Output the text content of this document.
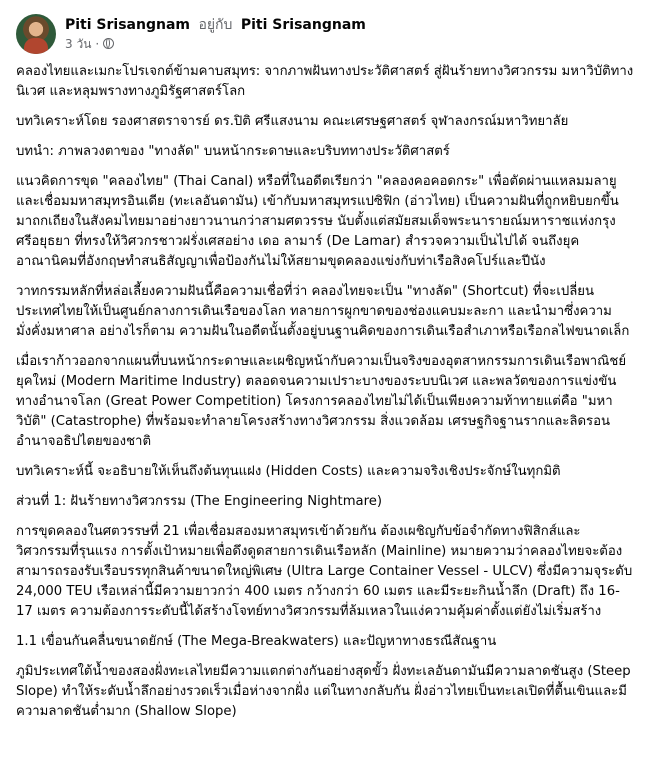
Piti Srisangnam อยู่กับ Piti Srisangnam
3 วัน ·

คลองไทยและเมกะโปรเจกต์ข้ามคาบสมุทร: จากภาพฝันทางประวัติศาสตร์ สู่ฝันร้ายทางวิศวกรรม มหาวิบัติทางนิเวศ และหลุมพรางทางภูมิรัฐศาสตร์โลก

บทวิเคราะห์โดย รองศาสตราจารย์ ดร.ปิติ ศรีแสงนาม คณะเศรษฐศาสตร์ จุฬาลงกรณ์มหาวิทยาลัย

บทนำ: ภาพลวงตาของ "ทางลัด" บนหน้ากระดาษและบริบททางประวัติศาสตร์

แนวคิดการขุด "คลองไทย" (Thai Canal) หรือที่ในอดีตเรียกว่า "คลองคอคอดกระ" เพื่อตัดผ่านแหลมมลายูและเชื่อมมหาสมุทรอินเดีย (ทะเลอันดามัน) เข้ากับมหาสมุทรแปซิฟิก (อ่าวไทย) เป็นความฝันที่ถูกหยิบยกขึ้นมาถกเถียงในสังคมไทยมาอย่างยาวนานกว่าสามศตวรรษ นับตั้งแต่สมัยสมเด็จพระนารายณ์มหาราชแห่งกรุงศรีอยุธยา ที่ทรงให้วิศวกรชาวฝรั่งเศสอย่าง เดอ ลามาร์ (De Lamar) สำรวจความเป็นไปได้ จนถึงยุคอาณานิคมที่อังกฤษทำสนธิสัญญาเพื่อป้องกันไม่ให้สยามขุดคลองแข่งกับท่าเรือสิงคโปร์และปีนัง

วาทกรรมหลักที่หล่อเลี้ยงความฝันนี้คือความเชื่อที่ว่า คลองไทยจะเป็น "ทางลัด" (Shortcut) ที่จะเปลี่ยนประเทศไทยให้เป็นศูนย์กลางการเดินเรือของโลก ทลายการผูกขาดของช่องแคบมะละกา และนำมาซึ่งความมั่งคั่งมหาศาล อย่างไรก็ตาม ความฝันในอดีตนั้นตั้งอยู่บนฐานคิดของการเดินเรือสำเภาหรือเรือกลไฟขนาดเล็ก

เมื่อเราก้าวออกจากแผนที่บนหน้ากระดาษและเผชิญหน้ากับความเป็นจริงของอุตสาหกรรมการเดินเรือพาณิชย์ยุคใหม่ (Modern Maritime Industry) ตลอดจนความเปราะบางของระบบนิเวศ และพลวัตของการแข่งขันทางอำนาจโลก (Great Power Competition) โครงการคลองไทยไม่ได้เป็นเพียงความท้าทายแต่คือ "มหาวิบัติ" (Catastrophe) ที่พร้อมจะทำลายโครงสร้างทางวิศวกรรม สิ่งแวดล้อม เศรษฐกิจฐานรากและลิดรอนอำนาจอธิปไตยของชาติ

บทวิเคราะห์นี้ จะอธิบายให้เห็นถึงต้นทุนแฝง (Hidden Costs) และความจริงเชิงประจักษ์ในทุกมิติ

ส่วนที่ 1: ฝันร้ายทางวิศวกรรม (The Engineering Nightmare)

การขุดคลองในศตวรรษที่ 21 เพื่อเชื่อมสองมหาสมุทรเข้าด้วยกัน ต้องเผชิญกับข้อจำกัดทางฟิสิกส์และวิศวกรรมที่รุนแรง การตั้งเป้าหมายเพื่อดึงดูดสายการเดินเรือหลัก (Mainline) หมายความว่าคลองไทยจะต้องสามารถรองรับเรือบรรทุกสินค้าขนาดใหญ่พิเศษ (Ultra Large Container Vessel - ULCV) ซึ่งมีความจุระดับ 24,000 TEU เรือเหล่านี้มีความยาวกว่า 400 เมตร กว้างกว่า 60 เมตร และมีระยะกินน้ำลึก (Draft) ถึง 16-17 เมตร ความต้องการระดับนี้ได้สร้างโจทย์ทางวิศวกรรมที่ล้มเหลวในแง่ความคุ้มค่าตั้งแต่ยังไม่เริ่มสร้าง

1.1 เขื่อนกันคลื่นขนาดยักษ์ (The Mega-Breakwaters) และปัญหาทางธรณีสัณฐาน

ภูมิประเทศใต้น้ำของสองฝั่งทะเลไทยมีความแตกต่างกันอย่างสุดขั้ว ฝั่งทะเลอันดามันมีความลาดชันสูง (Steep Slope) ทำให้ระดับน้ำลึกอย่างรวดเร็วเมื่อห่างจากฝั่ง แต่ในทางกลับกัน ฝั่งอ่าวไทยเป็นทะเลเปิดที่ตื้นเขินและมีความลาดชันต่ำมาก (Shallow Slope)
